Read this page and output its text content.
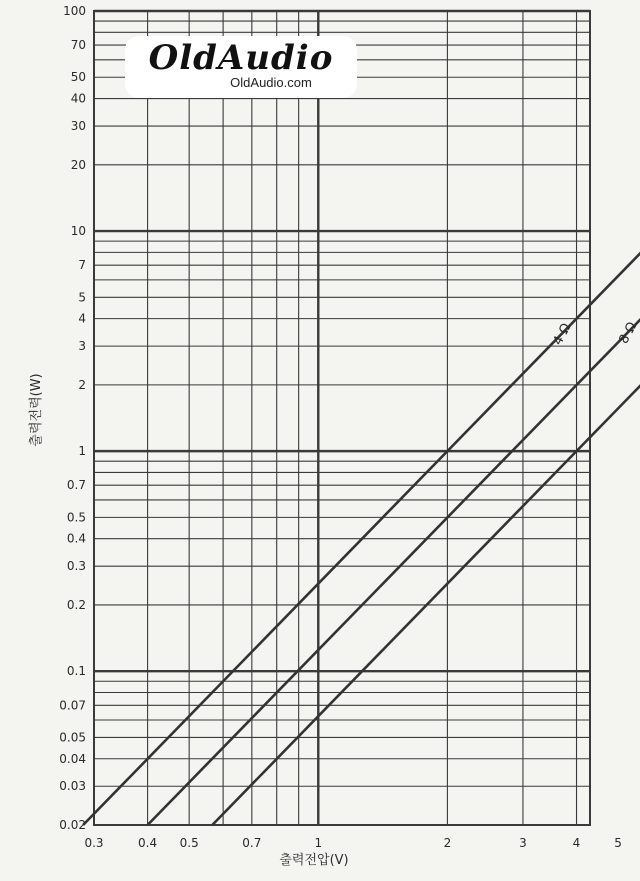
4 Ω	8 Ω
0.3	0.4 0.5	0.7	1	2	3	4	5
0.02
0.03
0.04
0.05
0.07
0.1
0.2
0.3
0.4
0.5
0.7
1
2
3
4
5
7
10
20
30
40
50
70
100
출력전압(V)
출력전력(W)
OldAudio
OldAudio.com
